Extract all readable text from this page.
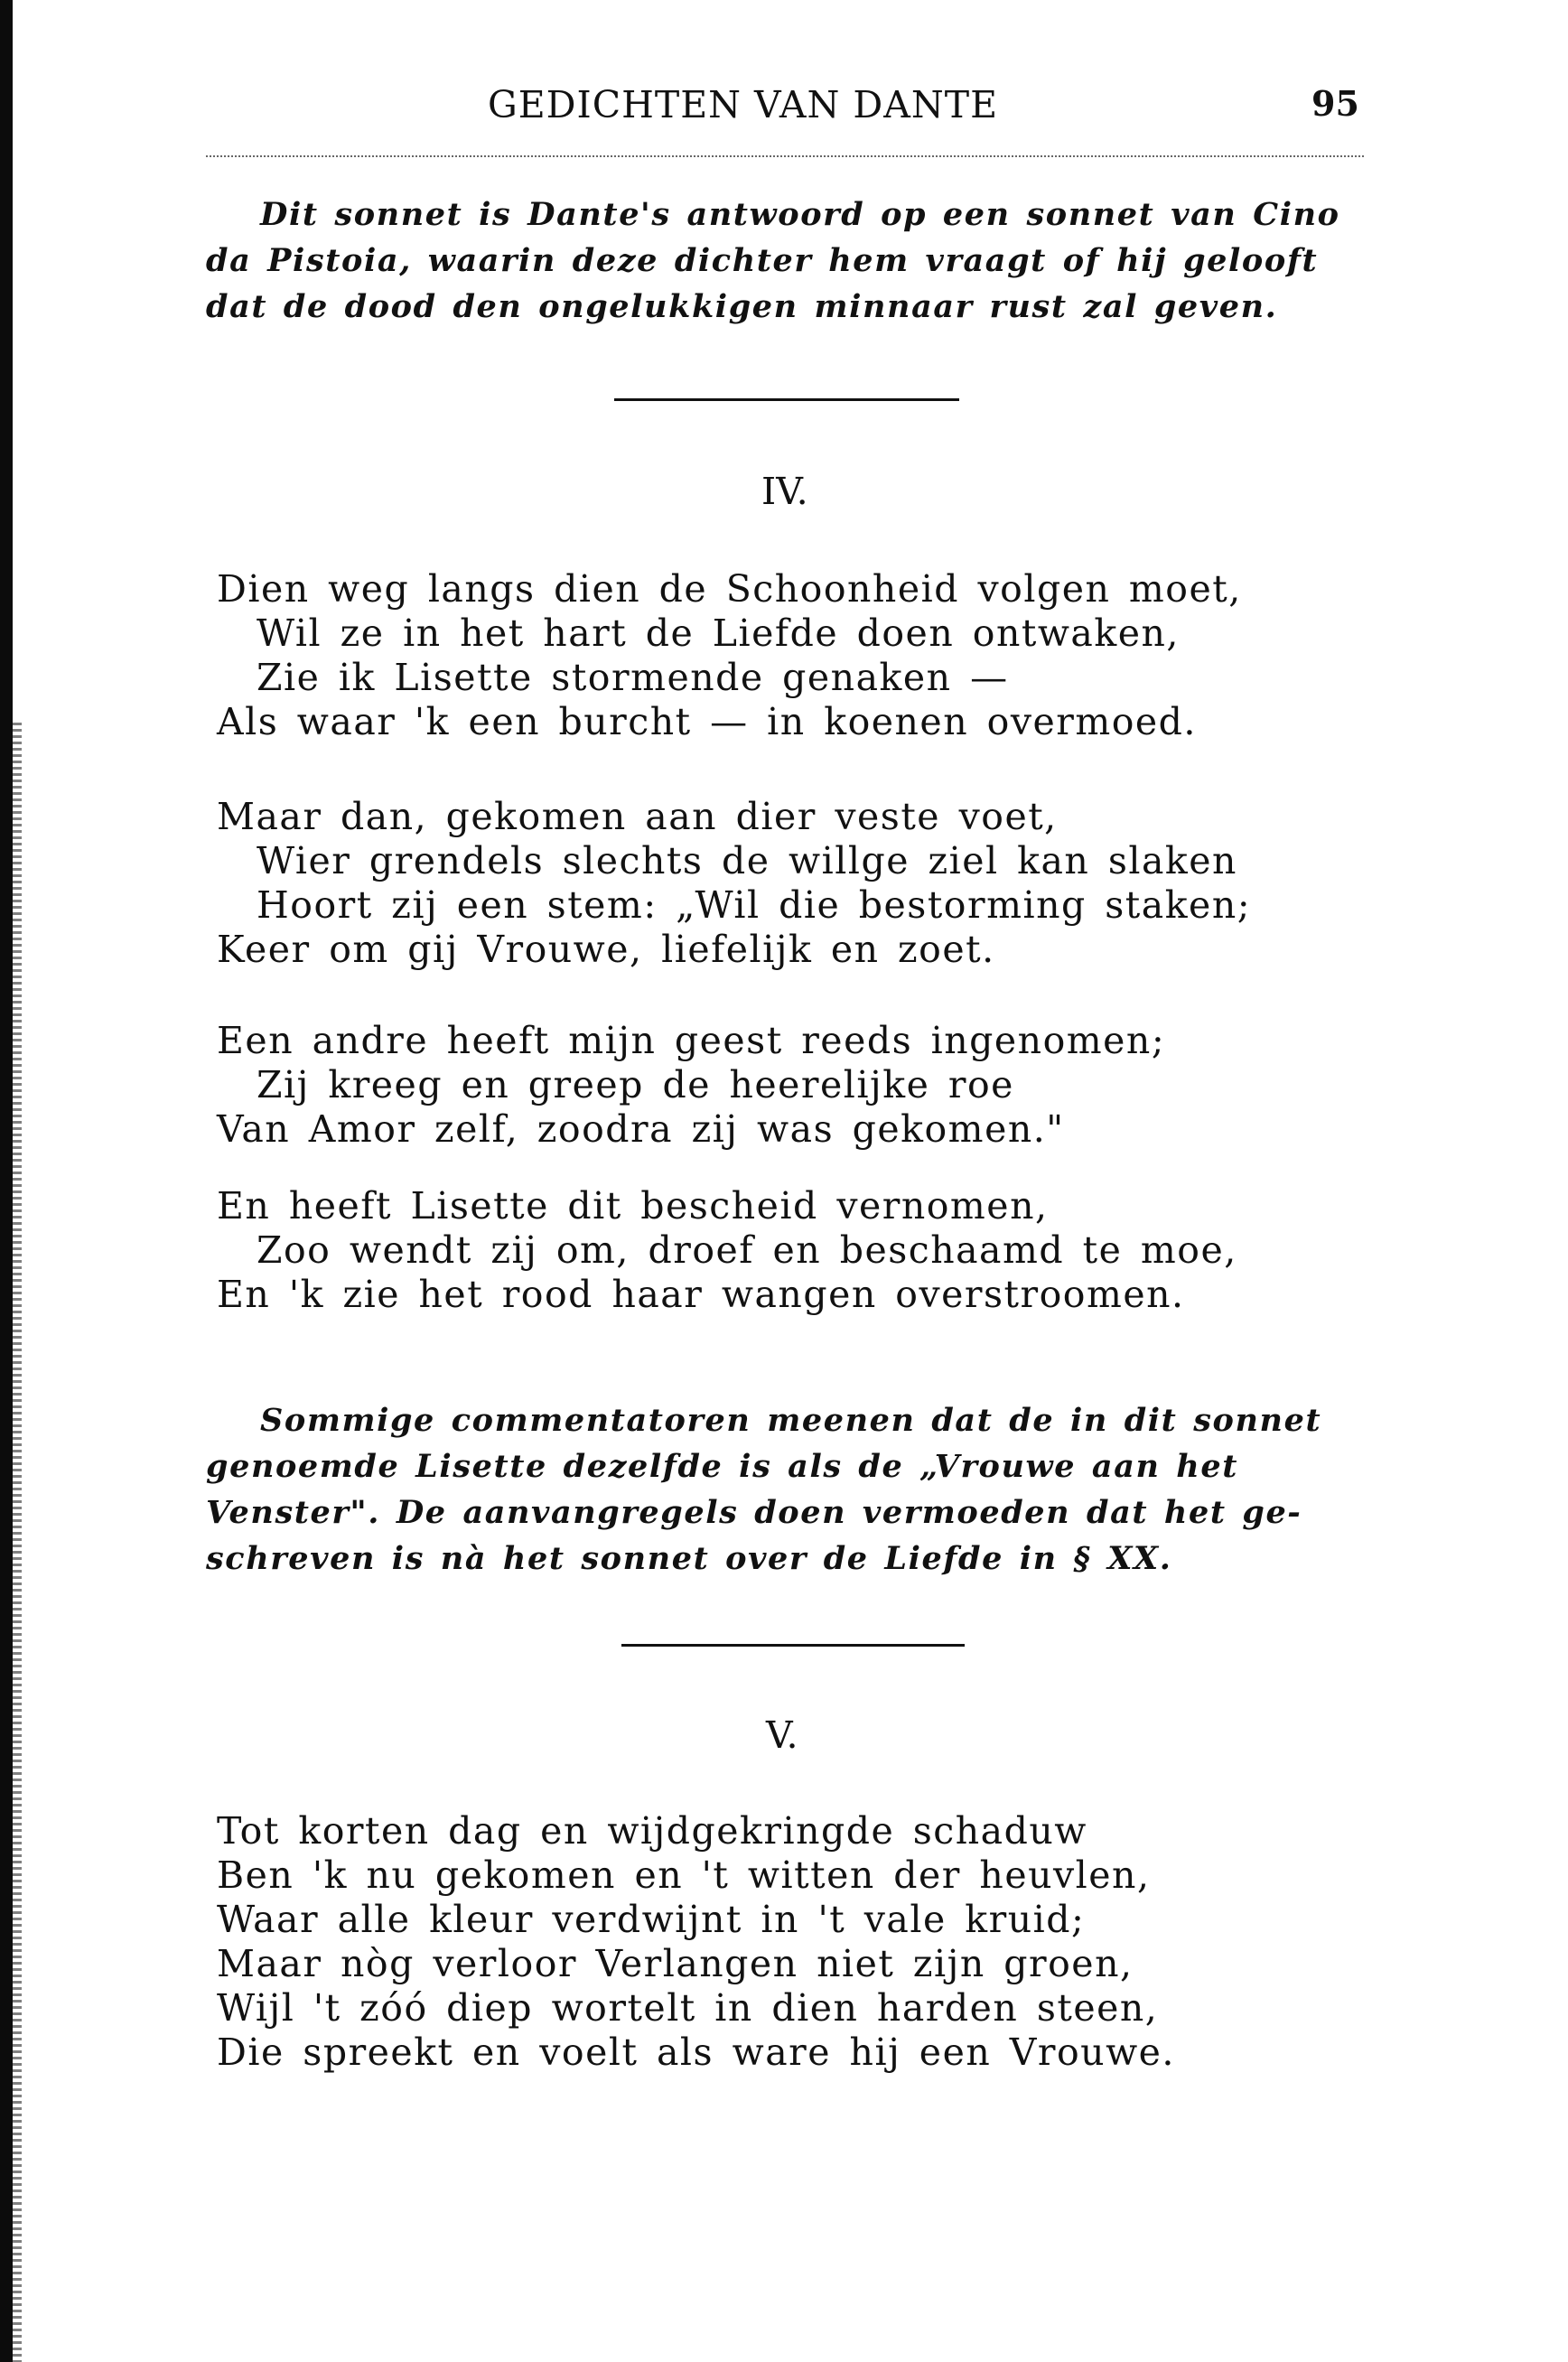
GEDICHTEN VAN DANTE	95
Dit sonnet is Dante's antwoord op een sonnet van Cino
da Pistoia, waarin deze dichter hem vraagt of hij gelooft
dat de dood den ongelukkigen minnaar rust zal geven.
IV.
Dien weg langs dien de Schoonheid volgen moet,
Wil ze in het hart de Liefde doen ontwaken,
Zie ik Lisette stormende genaken —
Als waar 'k een burcht — in koenen overmoed.
Maar dan, gekomen aan dier veste voet,
Wier grendels slechts de willge ziel kan slaken
Hoort zij een stem: „Wil die bestorming staken;
Keer om gij Vrouwe, liefelijk en zoet.
Een andre heeft mijn geest reeds ingenomen;
Zij kreeg en greep de heerelijke roe
Van Amor zelf, zoodra zij was gekomen."
En heeft Lisette dit bescheid vernomen,
Zoo wendt zij om, droef en beschaamd te moe,
En 'k zie het rood haar wangen overstroomen.
Sommige commentatoren meenen dat de in dit sonnet
genoemde Lisette dezelfde is als de „Vrouwe aan het
Venster". De aanvangregels doen vermoeden dat het ge-
schreven is nà het sonnet over de Liefde in § XX.
V.
Tot korten dag en wijdgekringde schaduw
Ben 'k nu gekomen en 't witten der heuvlen,
Waar alle kleur verdwijnt in 't vale kruid;
Maar nòg verloor Verlangen niet zijn groen,
Wijl 't zóó diep wortelt in dien harden steen,
Die spreekt en voelt als ware hij een Vrouwe.
